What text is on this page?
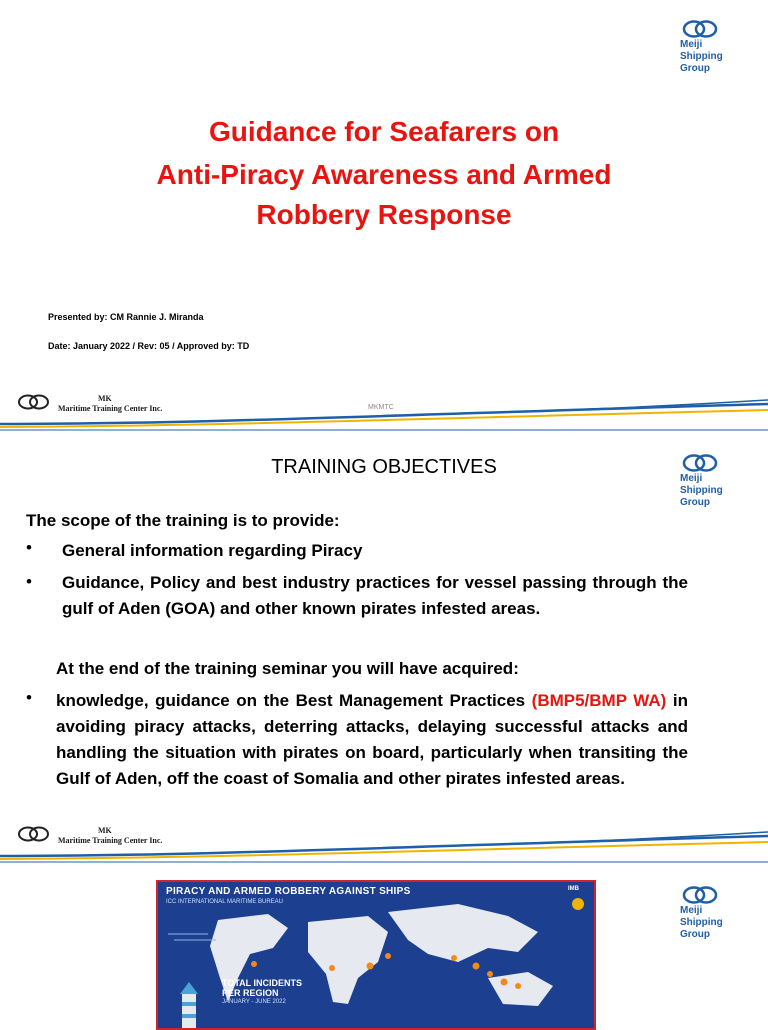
Meiji
Shipping
Group
Guidance for Seafarers on
Anti-Piracy Awareness and Armed
Robbery Response
Presented by: CM Rannie J. Miranda
Date: January 2022 / Rev: 05 / Approved by: TD
MK
Maritime Training Center Inc.	MKMTC
Meiji
Shipping
Group
TRAINING OBJECTIVES
The scope of the training is to provide:
• General information regarding Piracy
• Guidance, Policy and best industry practices for vessel passing through the gulf of Aden (GOA) and other known pirates infested areas.
At the end of the training seminar you will have acquired:
• knowledge, guidance on the Best Management Practices (BMP5/BMP WA) in avoiding piracy attacks, deterring attacks, delaying successful attacks and handling the situation with pirates on board, particularly when transiting the Gulf of Aden, off the coast of Somalia and other pirates infested areas.
MK
Maritime Training Center Inc.
Meiji
Shipping
Group
PIRACY AND ARMED ROBBERY AGAINST SHIPS
ICC INTERNATIONAL MARITIME BUREAU
IMB
TOTAL INCIDENTS
PER REGION
JANUARY - JUNE 2022
